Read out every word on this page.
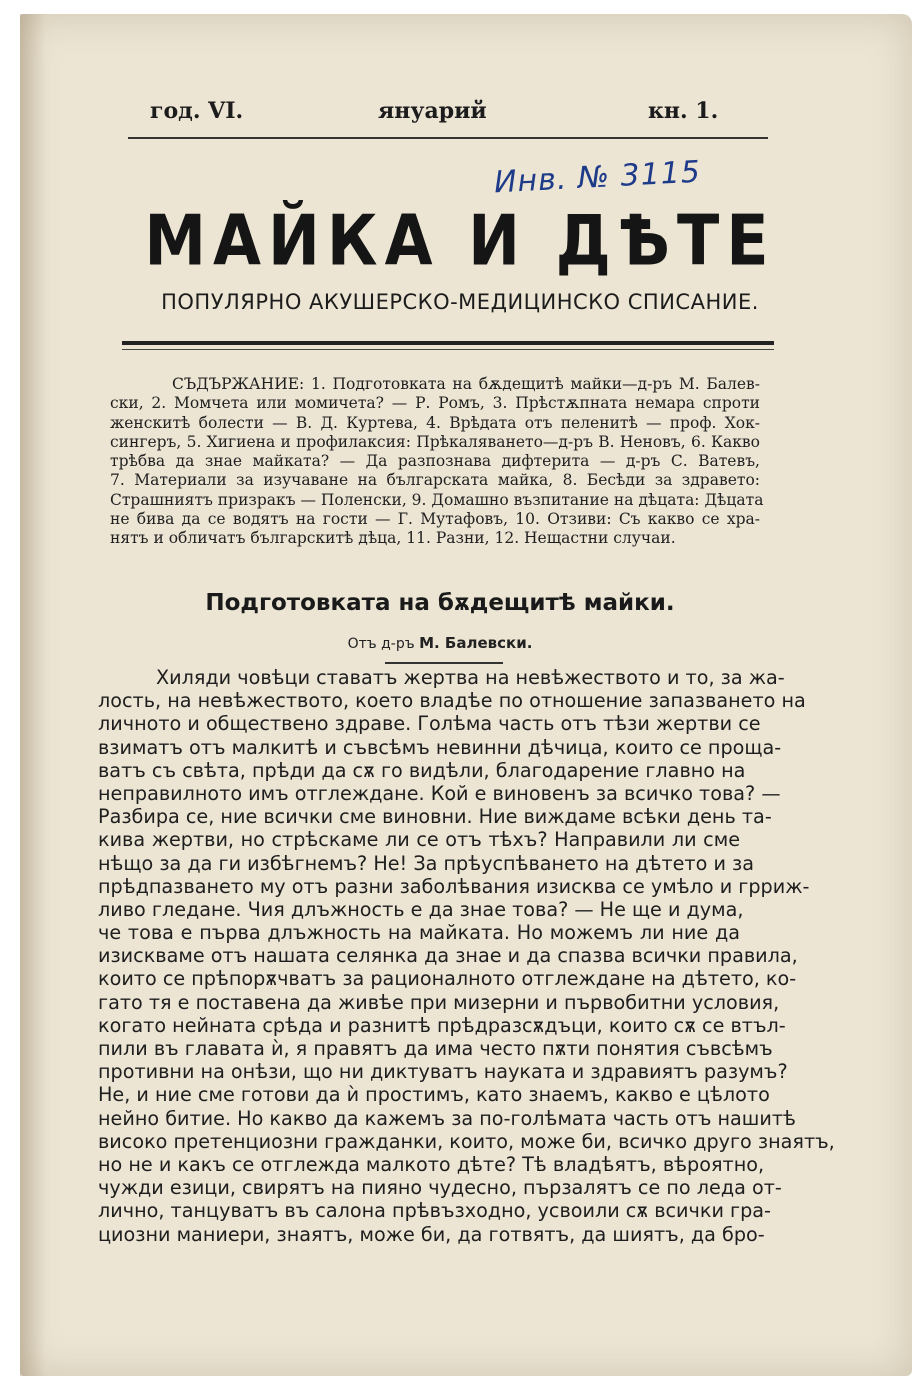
год. VI.	януарий	кн. 1.
Инв. № 3115
МАЙКА И ДѢТЕ
ПОПУЛЯРНО АКУШЕРСКО-МЕДИЦИНСКО СПИСАНИЕ.
СЪДЪРЖАНИЕ: 1. Подготовката на бѫдещитѣ майки—д-ръ М. Балев-
ски, 2. Момчета или момичета? — Р. Ромъ, 3. Прѣстѫпната немара спроти
женскитѣ болести — В. Д. Куртева, 4. Врѣдата отъ пеленитѣ — проф. Хок-
сингеръ, 5. Хигиена и профилаксия: Прѣкаляването—д-ръ В. Неновъ, 6. Какво
трѣбва да знае майката? — Да разпознава дифтерита — д-ръ С. Ватевъ,
7. Материали за изучаване на българската майка, 8. Бесѣди за здравето:
Страшниятъ призракъ — Поленски, 9. Домашно възпитание на дѣцата: Дѣцата
не бива да се водятъ на гости — Г. Мутафовъ, 10. Отзиви: Съ какво се хра-
нятъ и обличатъ българскитѣ дѣца, 11. Разни, 12. Нещастни случаи.
Подготовката на бѫдещитѣ майки.
Отъ д-ръ М. Балевски.
Хиляди човѣци ставатъ жертва на невѣжеството и то, за жа-
лость, на невѣжеството, което владѣе по отношение запазването на
личното и обществено здраве. Голѣма часть отъ тѣзи жертви се
взиматъ отъ малкитѣ и съвсѣмъ невинни дѣчица, които се проща-
ватъ съ свѣта, прѣди да сѫ го видѣли, благодарение главно на
неправилното имъ отглеждане. Кой е виновенъ за всичко това? —
Разбира се, ние всички сме виновни. Ние виждаме всѣки день та-
кива жертви, но стрѣскаме ли се отъ тѣхъ? Направили ли сме
нѣщо за да ги избѣгнемъ? Не! За прѣуспѣването на дѣтето и за
прѣдпазването му отъ разни заболѣвания изисква се умѣло и грриж-
ливо гледане. Чия длъжность е да знае това? — Не ще и дума,
че това е първа длъжность на майката. Но можемъ ли ние да
изискваме отъ нашата селянка да знае и да спазва всички правила,
които се прѣпорѫчватъ за рационалното отглеждане на дѣтето, ко-
гато тя е поставена да живѣе при мизерни и първобитни условия,
когато нейната срѣда и разнитѣ прѣдразсѫдъци, които сѫ се втъл-
пили въ главата ѝ, я правятъ да има често пѫти понятия съвсѣмъ
противни на онѣзи, що ни диктуватъ науката и здравиятъ разумъ?
Не, и ние сме готови да ѝ простимъ, като знаемъ, какво е цѣлото
нейно битие. Но какво да кажемъ за по-голѣмата часть отъ нашитѣ
високо претенциозни гражданки, които, може би, всичко друго знаятъ,
но не и какъ се отглежда малкото дѣте? Тѣ владѣятъ, вѣроятно,
чужди езици, свирятъ на пияно чудесно, пързалятъ се по леда от-
лично, танцуватъ въ салона прѣвъзходно, усвоили сѫ всички гра-
циозни маниери, знаятъ, може би, да готвятъ, да шиятъ, да бро-
